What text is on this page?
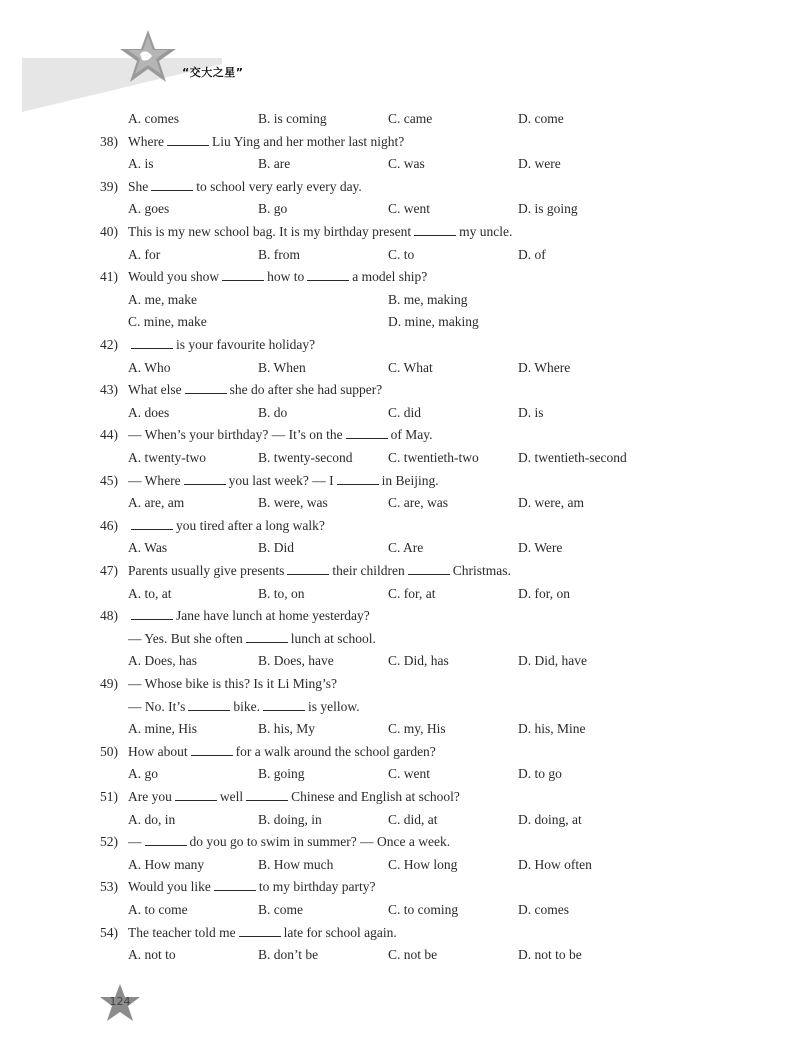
“交大之星”
A. comes	B. is coming	C. came	D. come
38) Where	Liu Ying and her mother last night?
A. is	B. are	C. was	D. were
39) She	to school very early every day.
A. goes	B. go	C. went	D. is going
40) This is my new school bag. It is my birthday present	my uncle.
A. for	B. from	C. to	D. of
41) Would you show	how to	a model ship?
A. me, make	B. me, making
C. mine, make	D. mine, making
42)	is your favourite holiday?
A. Who	B. When	C. What	D. Where
43) What else	she do after she had supper?
A. does	B. do	C. did	D. is
44) — When’s your birthday? — It’s on the	of May.
A. twenty-two	B. twenty-second	C. twentieth-two	D. twentieth-second
45) — Where	you last week? — I	in Beijing.
A. are, am	B. were, was	C. are, was	D. were, am
46)	you tired after a long walk?
A. Was	B. Did	C. Are	D. Were
47) Parents usually give presents	their children	Christmas.
A. to, at	B. to, on	C. for, at	D. for, on
48)	Jane have lunch at home yesterday?
— Yes. But she often	lunch at school.
A. Does, has	B. Does, have	C. Did, has	D. Did, have
49) — Whose bike is this? Is it Li Ming’s?
— No. It’s	bike.	is yellow.
A. mine, His	B. his, My	C. my, His	D. his, Mine
50) How about	for a walk around the school garden?
A. go	B. going	C. went	D. to go
51) Are you	well	Chinese and English at school?
A. do, in	B. doing, in	C. did, at	D. doing, at
52) —	do you go to swim in summer? — Once a week.
A. How many	B. How much	C. How long	D. How often
53) Would you like	to my birthday party?
A. to come	B. come	C. to coming	D. comes
54) The teacher told me	late for school again.
A. not to	B. don’t be	C. not be	D. not to be
124
